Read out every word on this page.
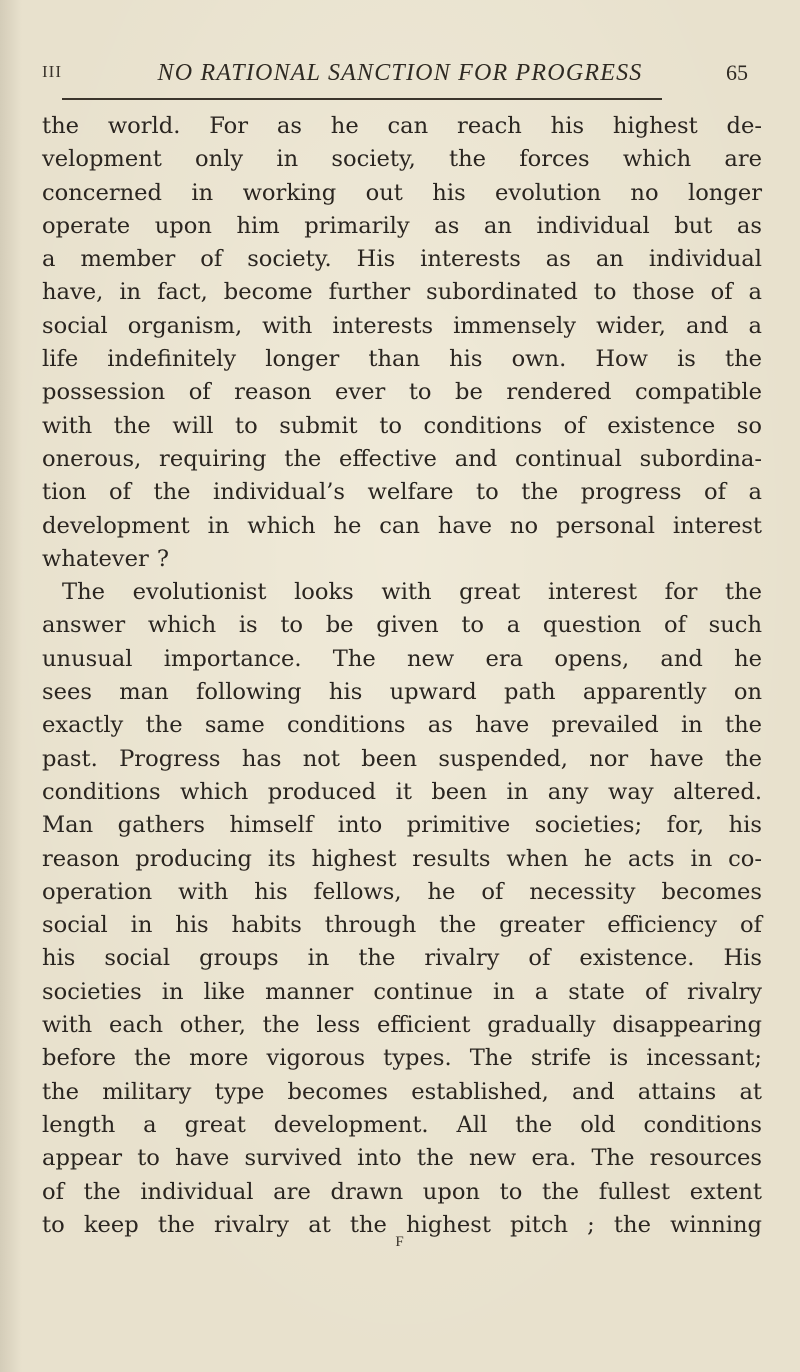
III	NO RATIONAL SANCTION FOR PROGRESS	65
the world. For as he can reach his highest de-
velopment only in society, the forces which are
concerned in working out his evolution no longer
operate upon him primarily as an individual but as
a member of society. His interests as an individual
have, in fact, become further subordinated to those of a
social organism, with interests immensely wider, and a
life indefinitely longer than his own. How is the
possession of reason ever to be rendered compatible
with the will to submit to conditions of existence so
onerous, requiring the effective and continual subordina-
tion of the individual’s welfare to the progress of a
development in which he can have no personal interest
whatever ?
The evolutionist looks with great interest for the
answer which is to be given to a question of such
unusual importance. The new era opens, and he
sees man following his upward path apparently on
exactly the same conditions as have prevailed in the
past. Progress has not been suspended, nor have the
conditions which produced it been in any way altered.
Man gathers himself into primitive societies; for, his
reason producing its highest results when he acts in co-
operation with his fellows, he of necessity becomes
social in his habits through the greater efficiency of
his social groups in the rivalry of existence. His
societies in like manner continue in a state of rivalry
with each other, the less efficient gradually disappearing
before the more vigorous types. The strife is incessant;
the military type becomes established, and attains at
length a great development. All the old conditions
appear to have survived into the new era. The resources
of the individual are drawn upon to the fullest extent
to keep the rivalry at the highest pitch ; the winning
F
